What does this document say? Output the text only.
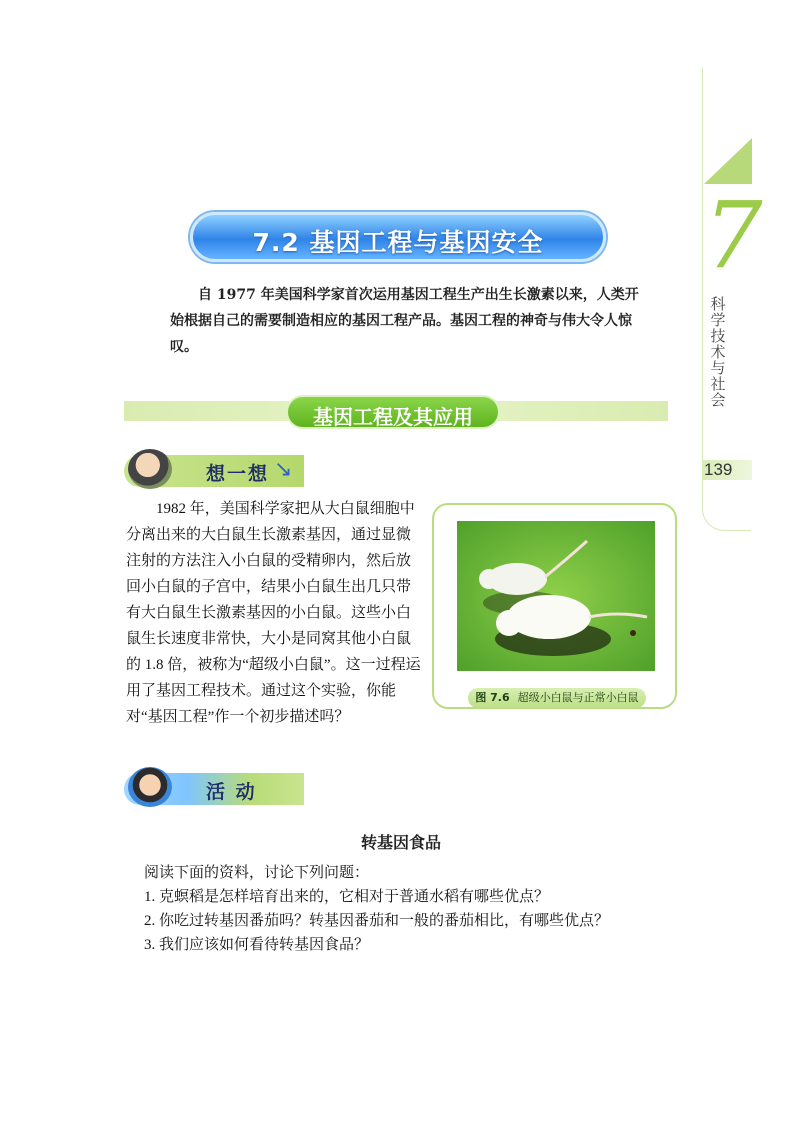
7
科
学
技
术
与
社
会
139
7.2 基因工程与基因安全

自 1977 年美国科学家首次运用基因工程生产出生长激素以来，人类开始根据自己的需要制造相应的基因工程产品。基因工程的神奇与伟大令人惊叹。

基因工程及其应用
想一想 ↘

1982 年，美国科学家把从大白鼠细胞中分离出来的大白鼠生长激素基因，通过显微注射的方法注入小白鼠的受精卵内，然后放回小白鼠的子宫中，结果小白鼠生出几只带有大白鼠生长激素基因的小白鼠。这些小白鼠生长速度非常快，大小是同窝其他小白鼠的 1.8 倍，被称为“超级小白鼠”。这一过程运用了基因工程技术。通过这个实验，你能对“基因工程”作一个初步描述吗？

图 7.6 超级小白鼠与正常小白鼠
活 动
转基因食品

阅读下面的资料，讨论下列问题：

1. 克螟稻是怎样培育出来的，它相对于普通水稻有哪些优点？

2. 你吃过转基因番茄吗？转基因番茄和一般的番茄相比，有哪些优点？

3. 我们应该如何看待转基因食品？
